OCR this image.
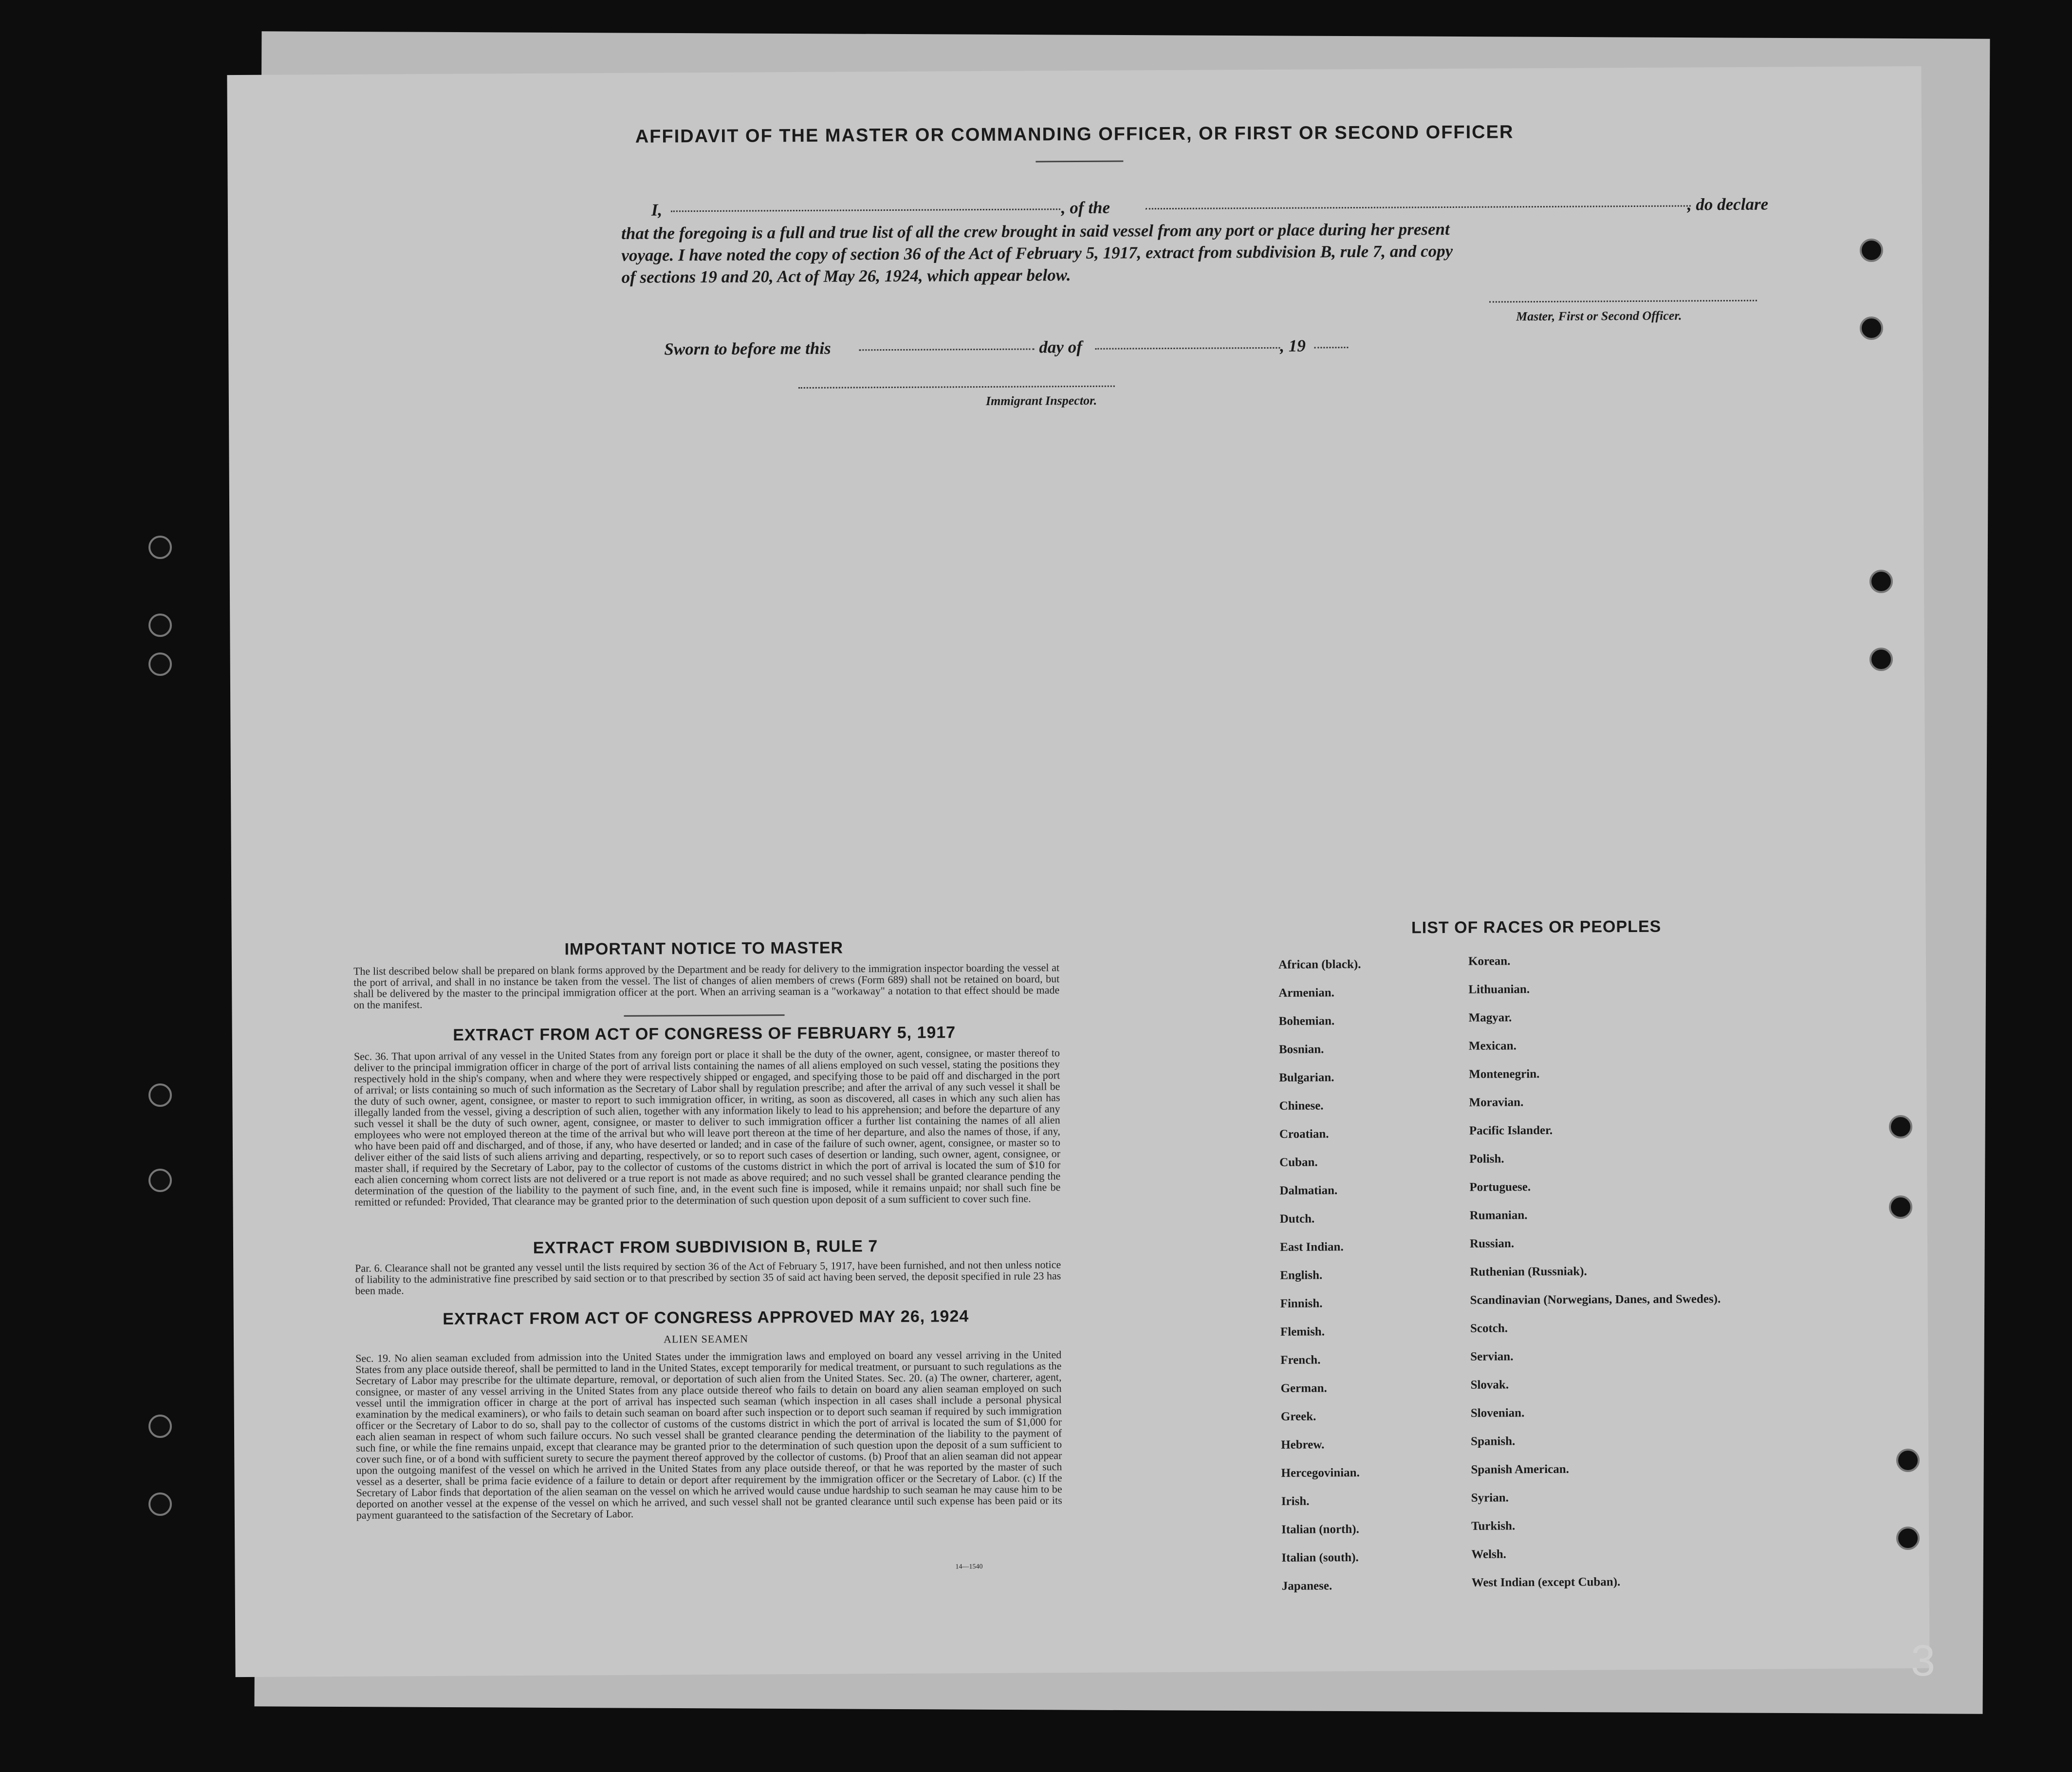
AFFIDAVIT OF THE MASTER OR COMMANDING OFFICER, OR FIRST OR SECOND OFFICER
I,	, of the	, do declare
that the foregoing is a full and true list of all the crew brought in said vessel from any port or place during her present
voyage. I have noted the copy of section 36 of the Act of February 5, 1917, extract from subdivision B, rule 7, and copy
of sections 19 and 20, Act of May 26, 1924, which appear below.
Master, First or Second Officer.
Sworn to before me this	day of	, 19
Immigrant Inspector.
IMPORTANT NOTICE TO MASTER
The list described below shall be prepared on blank forms approved by the Department and be ready for delivery to the immigration inspector boarding the vessel at the port of arrival, and shall in no instance be taken from the vessel. The list of changes of alien members of crews (Form 689) shall not be retained on board, but shall be delivered by the master to the principal immigration officer at the port. When an arriving seaman is a "workaway" a notation to that effect should be made on the manifest.
EXTRACT FROM ACT OF CONGRESS OF FEBRUARY 5, 1917
Sec. 36. That upon arrival of any vessel in the United States from any foreign port or place it shall be the duty of the owner, agent, consignee, or master thereof to deliver to the principal immigration officer in charge of the port of arrival lists containing the names of all aliens employed on such vessel, stating the positions they respectively hold in the ship's company, when and where they were respectively shipped or engaged, and specifying those to be paid off and discharged in the port of arrival; or lists containing so much of such information as the Secretary of Labor shall by regulation prescribe; and after the arrival of any such vessel it shall be the duty of such owner, agent, consignee, or master to report to such immigration officer, in writing, as soon as discovered, all cases in which any such alien has illegally landed from the vessel, giving a description of such alien, together with any information likely to lead to his apprehension; and before the departure of any such vessel it shall be the duty of such owner, agent, consignee, or master to deliver to such immigration officer a further list containing the names of all alien employees who were not employed thereon at the time of the arrival but who will leave port thereon at the time of her departure, and also the names of those, if any, who have been paid off and discharged, and of those, if any, who have deserted or landed; and in case of the failure of such owner, agent, consignee, or master so to deliver either of the said lists of such aliens arriving and departing, respectively, or so to report such cases of desertion or landing, such owner, agent, consignee, or master shall, if required by the Secretary of Labor, pay to the collector of customs of the customs district in which the port of arrival is located the sum of $10 for each alien concerning whom correct lists are not delivered or a true report is not made as above required; and no such vessel shall be granted clearance pending the determination of the question of the liability to the payment of such fine, and, in the event such fine is imposed, while it remains unpaid; nor shall such fine be remitted or refunded: Provided, That clearance may be granted prior to the determination of such question upon deposit of a sum sufficient to cover such fine.
EXTRACT FROM SUBDIVISION B, RULE 7
Par. 6. Clearance shall not be granted any vessel until the lists required by section 36 of the Act of February 5, 1917, have been furnished, and not then unless notice of liability to the administrative fine prescribed by said section or to that prescribed by section 35 of said act having been served, the deposit specified in rule 23 has been made.
EXTRACT FROM ACT OF CONGRESS APPROVED MAY 26, 1924
ALIEN SEAMEN
Sec. 19. No alien seaman excluded from admission into the United States under the immigration laws and employed on board any vessel arriving in the United States from any place outside thereof, shall be permitted to land in the United States, except temporarily for medical treatment, or pursuant to such regulations as the Secretary of Labor may prescribe for the ultimate departure, removal, or deportation of such alien from the United States. Sec. 20. (a) The owner, charterer, agent, consignee, or master of any vessel arriving in the United States from any place outside thereof who fails to detain on board any alien seaman employed on such vessel until the immigration officer in charge at the port of arrival has inspected such seaman (which inspection in all cases shall include a personal physical examination by the medical examiners), or who fails to detain such seaman on board after such inspection or to deport such seaman if required by such immigration officer or the Secretary of Labor to do so, shall pay to the collector of customs of the customs district in which the port of arrival is located the sum of $1,000 for each alien seaman in respect of whom such failure occurs. No such vessel shall be granted clearance pending the determination of the liability to the payment of such fine, or while the fine remains unpaid, except that clearance may be granted prior to the determination of such question upon the deposit of a sum sufficient to cover such fine, or of a bond with sufficient surety to secure the payment thereof approved by the collector of customs. (b) Proof that an alien seaman did not appear upon the outgoing manifest of the vessel on which he arrived in the United States from any place outside thereof, or that he was reported by the master of such vessel as a deserter, shall be prima facie evidence of a failure to detain or deport after requirement by the immigration officer or the Secretary of Labor. (c) If the Secretary of Labor finds that deportation of the alien seaman on the vessel on which he arrived would cause undue hardship to such seaman he may cause him to be deported on another vessel at the expense of the vessel on which he arrived, and such vessel shall not be granted clearance until such expense has been paid or its payment guaranteed to the satisfaction of the Secretary of Labor.
14—1540
LIST OF RACES OR PEOPLES
African (black).
Armenian.
Bohemian.
Bosnian.
Bulgarian.
Chinese.
Croatian.
Cuban.
Dalmatian.
Dutch.
East Indian.
English.
Finnish.
Flemish.
French.
German.
Greek.
Hebrew.
Hercegovinian.
Irish.
Italian (north).
Italian (south).
Japanese.
Korean.
Lithuanian.
Magyar.
Mexican.
Montenegrin.
Moravian.
Pacific Islander.
Polish.
Portuguese.
Rumanian.
Russian.
Ruthenian (Russniak).
Scandinavian (Norwegians, Danes, and Swedes).
Scotch.
Servian.
Slovak.
Slovenian.
Spanish.
Spanish American.
Syrian.
Turkish.
Welsh.
West Indian (except Cuban).
3
